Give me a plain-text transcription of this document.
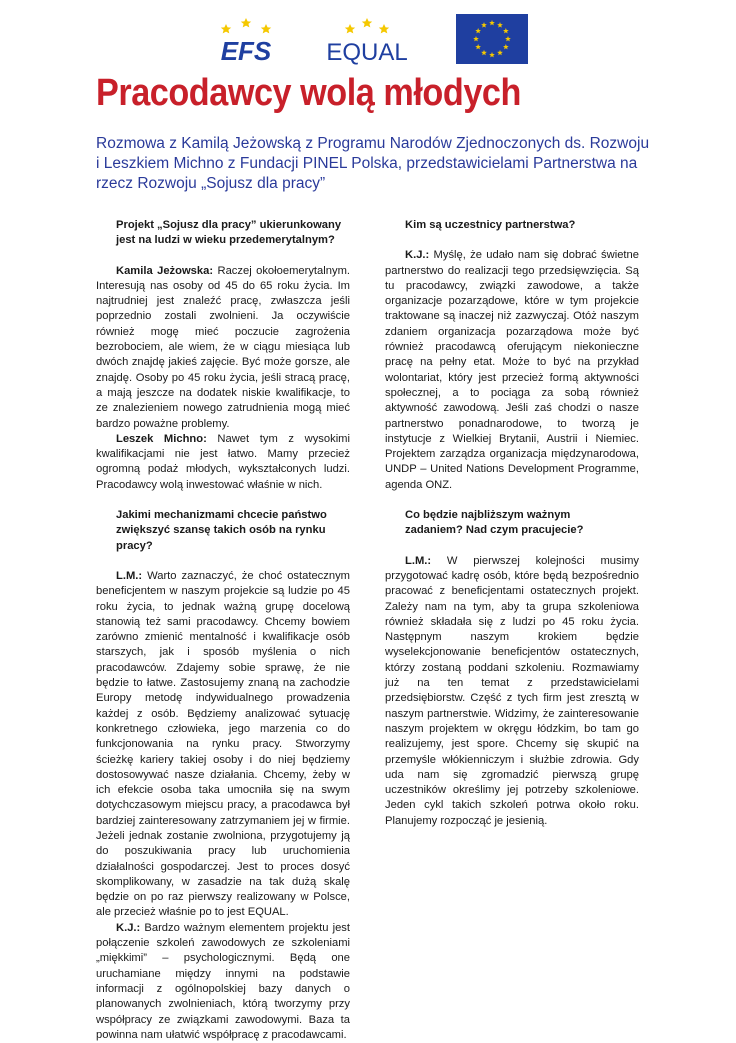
EFS EQUAL
Pracodawcy wolą młodych

Rozmowa z Kamilą Jeżowską z Programu Narodów Zjednoczonych ds. Rozwoju i Leszkiem Michno z Fundacji PINEL Polska, przedstawicielami Partnerstwa na rzecz Rozwoju „Sojusz dla pracy”

Projekt „Sojusz dla pracy” ukierunkowany jest na ludzi w wieku przedemerytalnym?

Kamila Jeżowska: Raczej okołoemerytalnym. Interesują nas osoby od 45 do 65 roku życia. Im najtrudniej jest znaleźć pracę, zwłaszcza jeśli poprzednio zostali zwolnieni. Ja oczywiście również mogę mieć poczucie zagrożenia bezrobociem, ale wiem, że w ciągu miesiąca lub dwóch znajdę jakieś zajęcie. Być może gorsze, ale znajdę. Osoby po 45 roku życia, jeśli stracą pracę, a mają jeszcze na dodatek niskie kwalifikacje, to ze znalezieniem nowego zatrudnienia mogą mieć bardzo poważne problemy.

Leszek Michno: Nawet tym z wysokimi kwalifikacjami nie jest łatwo. Mamy przecież ogromną podaż młodych, wykształconych ludzi. Pracodawcy wolą inwestować właśnie w nich.

Jakimi mechanizmami chcecie państwo zwiększyć szansę takich osób na rynku pracy?

L.M.: Warto zaznaczyć, że choć ostatecznym beneficjentem w naszym projekcie są ludzie po 45 roku życia, to jednak ważną grupę docelową stanowią też sami pracodawcy. Chcemy bowiem zarówno zmienić mentalność i kwalifikacje osób starszych, jak i sposób myślenia o nich pracodawców. Zdajemy sobie sprawę, że nie będzie to łatwe. Zastosujemy znaną na zachodzie Europy metodę indywidualnego prowadzenia każdej z osób. Będziemy analizować sytuację konkretnego człowieka, jego marzenia co do funkcjonowania na rynku pracy. Stworzymy ścieżkę kariery takiej osoby i do niej będziemy dostosowywać nasze działania. Chcemy, żeby w ich efekcie osoba taka umocniła się na swym dotychczasowym miejscu pracy, a pracodawca był bardziej zainteresowany zatrzymaniem jej w firmie. Jeżeli jednak zostanie zwolniona, przygotujemy ją do poszukiwania pracy lub uruchomienia działalności gospodarczej. Jest to proces dosyć skomplikowany, w zasadzie na tak dużą skalę będzie on po raz pierwszy realizowany w Polsce, ale przecież właśnie po to jest EQUAL.

K.J.: Bardzo ważnym elementem projektu jest połączenie szkoleń zawodowych ze szkoleniami „miękkimi” – psychologicznymi. Będą one uruchamiane między innymi na podstawie informacji z ogólnopolskiej bazy danych o planowanych zwolnieniach, którą tworzymy przy współpracy ze związkami zawodowymi. Baza ta powinna nam ułatwić współpracę z pracodawcami.

Kim są uczestnicy partnerstwa?

K.J.: Myślę, że udało nam się dobrać świetne partnerstwo do realizacji tego przedsięwzięcia. Są tu pracodawcy, związki zawodowe, a także organizacje pozarządowe, które w tym projekcie traktowane są inaczej niż zazwyczaj. Otóż naszym zdaniem organizacja pozarządowa może być również pracodawcą oferującym niekonieczne pracę na pełny etat. Może to być na przykład wolontariat, który jest przecież formą aktywności społecznej, a to pociąga za sobą również aktywność zawodową. Jeśli zaś chodzi o nasze partnerstwo ponadnarodowe, to tworzą je instytucje z Wielkiej Brytanii, Austrii i Niemiec. Projektem zarządza organizacja międzynarodowa, UNDP – United Nations Development Programme, agenda ONZ.

Co będzie najbliższym ważnym zadaniem? Nad czym pracujecie?

L.M.: W pierwszej kolejności musimy przygotować kadrę osób, które będą bezpośrednio pracować z beneficjentami ostatecznych projekt. Zależy nam na tym, aby ta grupa szkoleniowa również składała się z ludzi po 45 roku życia. Następnym naszym krokiem będzie wyselekcjonowanie beneficjentów ostatecznych, którzy zostaną poddani szkoleniu. Rozmawiamy już na ten temat z przedstawicielami przedsiębiorstw. Część z tych firm jest zresztą w naszym partnerstwie. Widzimy, że zainteresowanie naszym projektem w okręgu łódzkim, bo tam go realizujemy, jest spore. Chcemy się skupić na przemyśle włókienniczym i służbie zdrowia. Gdy uda nam się zgromadzić pierwszą grupę uczestników określimy jej potrzeby szkoleniowe. Jeden cykl takich szkoleń potrwa około roku. Planujemy rozpocząć je jesienią.
